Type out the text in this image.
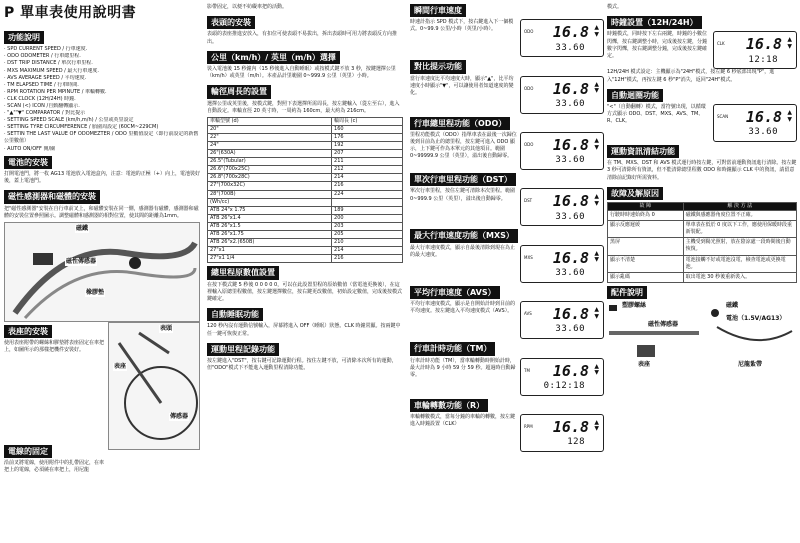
P 單車表使用說明書
功能說明
· SPD CURRENT SPEED / 行車速度.
· ODO ODOMETER / 行車總里程.
· DST TRIP DISTANCE / 單次行車里程.
· MXS MAXIMUM SPEED / 最大行車速度.
· AVS AVERAGE SPEED / 平均速度.
· TM ELAPSED TIME / 行車時間.
· RPM ROTATION PER MPINUTE / 車輪轉數.
· CLK CLOCK (12H/24H) 時鐘.
· SCAN (<) ICON /自動翻轉顯示.
· "▲""▼" COMPARATOR / 對比提示
· SETTING SPEED SCALE (km/h,m/h) / 公里或英里設定
· SETTING TYRE CIRCUMFERENCE / 胎圍周設定 (60CM~229CM)
· SETTIN THE LAST VALUE OF ODOMEZTER / ODO 里數值設定（即行前設定的新舊公里數值）
· AUTO ON/OFF 開/關
電池的安裝
打開電池門，將一枚 AG13 電池放入電池盒內，注意：電池的正極（+）向上，電池裝好後，蓋上電池門。
磁性感測器和磁體的安裝
把"磁性感測器"安裝在自行車前叉上，和磁體安裝在同一側，感測器有磁體，感測器和磁體的安裝位置參照圖示。調整磁體和感測器的相對位置，使其間的距離為1mm。
磁鐵
磁性傳感器
橡膠墊
表座的安裝
使用表座附帶的螺絲和膠墊將表座固定在車把上，如圖所示的那樣把機件安裝好。
表頭
傳感器
表座
電線的固定
沿前叉將電線，使用附件中的扎帶固定，在車把上的電線，必須繞在車把上，用尼龍
影帶固定，以便不妨礙車把的活動。
表頭的安裝
表頭的表座推進安放入，有扣位可使表頭不易拔出，拆出表頭時可用力將表頭反方向推出。
公里（km/h）/ 英里（m/h）選擇
裝入電池後 15 秒鐘內（15 秒後進入自動睡眠）或按模式鍵不放 3 秒，按鍵選擇公里（km/h）或英里（m/h）。本產品計里範圍 0~999.9 公里（英里）小時。
輪徑周長的設置
選擇公里或英里後，按模式鍵，對照下表選擇所需周長，按左鍵輸入（從左至右），進入自動設定。車輪直徑 20 英寸時，一周約為 160cm，最大約為 216cm。
車輪型號 (d)	輪周長 (c)
20"	160
22"	176
24"	192
26"(630A)	207
26.5"(Tubular)	211
26.6"(700x25C)	212
26.8"(700x28C)	214
27"(700x32C)	216
28"(700B)	224
(Wh/cc)	
ATB 24"x 1.75	189
ATB 26"x1.4	200
ATB 26"x1.5	203
ATB 26"x1.75	205
ATB 26"x2.(650B)	210
27"x1	214
27"x1 1/4	216
總里程原數值設置
在按下模式鍵 5 秒後 0 0 0 0 0，可以在此設置里程的原始數值（當電池更換後），在這裡輸入原總里程數值，按左鍵選擇數位，按右鍵更改數值，初始設定數值，完成後按模式鍵確定。
自動睡眠功能
120 秒內沒有運動信號輸入，屏幕將進入 OFF（睡眠）狀態。CLK 時鐘常顯。按兩鍵中任一鍵可恢復正常。
運動里程記錄功能
按左鍵進入"DST"，按右鍵可記錄運動行程。按住左鍵不放，可清除本次所有的運動，但"ODO"模式下不能進入運動里程清除功能。
瞬間行車速度
時速計指示 SPD 模式下，按右鍵進入下一個模式。0~99.9 公里/小時（英里/小時）。	ODO 16.8 ▲
▼
33.60
對比提示功能
當行車速度比平均速度大時，顯示"▲"，比平均速度小時顯示"▼"，可以讓使用者知道速度的變化。
ODO 16.8 ▲
▼
33.60
行車總里程功能（ODO）
里程功能模式（ODO）指單車表在最後一次歸位後到目前為止的總里程，按左鍵可進入 ODO 顯示，上下鍵可作為本單元的其他項目。範圍 0~99999.9 公里（英里），溢出後自動歸零。
ODO 16.8 ▲
▼
33.60
單次行車里程功能（DST）
單次行車里程，按住左鍵可清除本次里程。範圍 0~999.9 公里（英里），溢出後自動歸零。	DST 16.8 ▲
▼
33.60
最大行車速度功能（MXS）
最大行車速度模式，顯示自最後清除到現在為止的最大速度。	MXS 16.8 ▲
▼
33.60
平均行車速度（AVS）
平均行車速度模式，顯示是自開始計時到目前的平均速度。按左鍵進入平均速度模式（AVS）。	AVS 16.8 ▲
▼
33.60
行車計時功能（TM）
行車計時功能（TM），當車輪轉動時開始計時，最大計時為 9 小時 59 分 59 秒。超過時自動歸零。
TM 16.8 ▲
▼
0:12:18
車輪轉數功能（R）
車輪轉數模式，當每分鐘的車輪的轉數，按左鍵進入時鐘設置（CLK）	RPM 16.8 ▲
▼
128
模式。
時鐘設置（12H/24H）
時鐘模式，同時按下左右兩鍵，時鐘的小數位閃爍，按右鍵調整小時，完成後按左鍵，分鐘數字閃爍，按右鍵調整分鐘，完成後按左鍵確定。
CLK 16.8 ▲
▼
12:18
12H/24H 模式設定：主機顯示為"24H"模式，按左鍵 6 秒底部出現"P"，進入"12H"模式，再按左鍵 6 秒"P"消失，返回"24H"模式。
自動迴圈功能
"<"（自動翻轉）模式，當符號出現，以循環方式顯示 ODO、DST、MXS、AVS、TM、R、CLK。
SCAN 16.8 ▲
▼
33.60
運動資訊清結功能
在 TM、MXS、DST 和 AVS 模式運行時按左鍵，可對當前運動資訊進行清除。按左鍵 3 秒可清除所有資訊，但不能清除總里程數 ODO 和時鐘顯示 CLK 中的資訊，請留意清除前記錄好所需資料。
故障及解原因
故 障	解 決 方 法
行駛時時速始終為 0	磁鐵與感應器角度位置不正確。
顯示反應遲緩	單車表在低於 0 度以下工作，應使用保暖時段重新裝配。
黑屏	主機受到陽光照射，放在陰涼處一段時間後自動恢復。
顯示不清楚	電池接觸不好或電池沒電，檢查電池或更換電池。
顯示亂碼	取出電池 30 秒後重新裝入。
配件說明
塑膠螺絲
表座
磁性傳感器
尼龍紮帶
磁鐵
電池（1.5V/AG13）
